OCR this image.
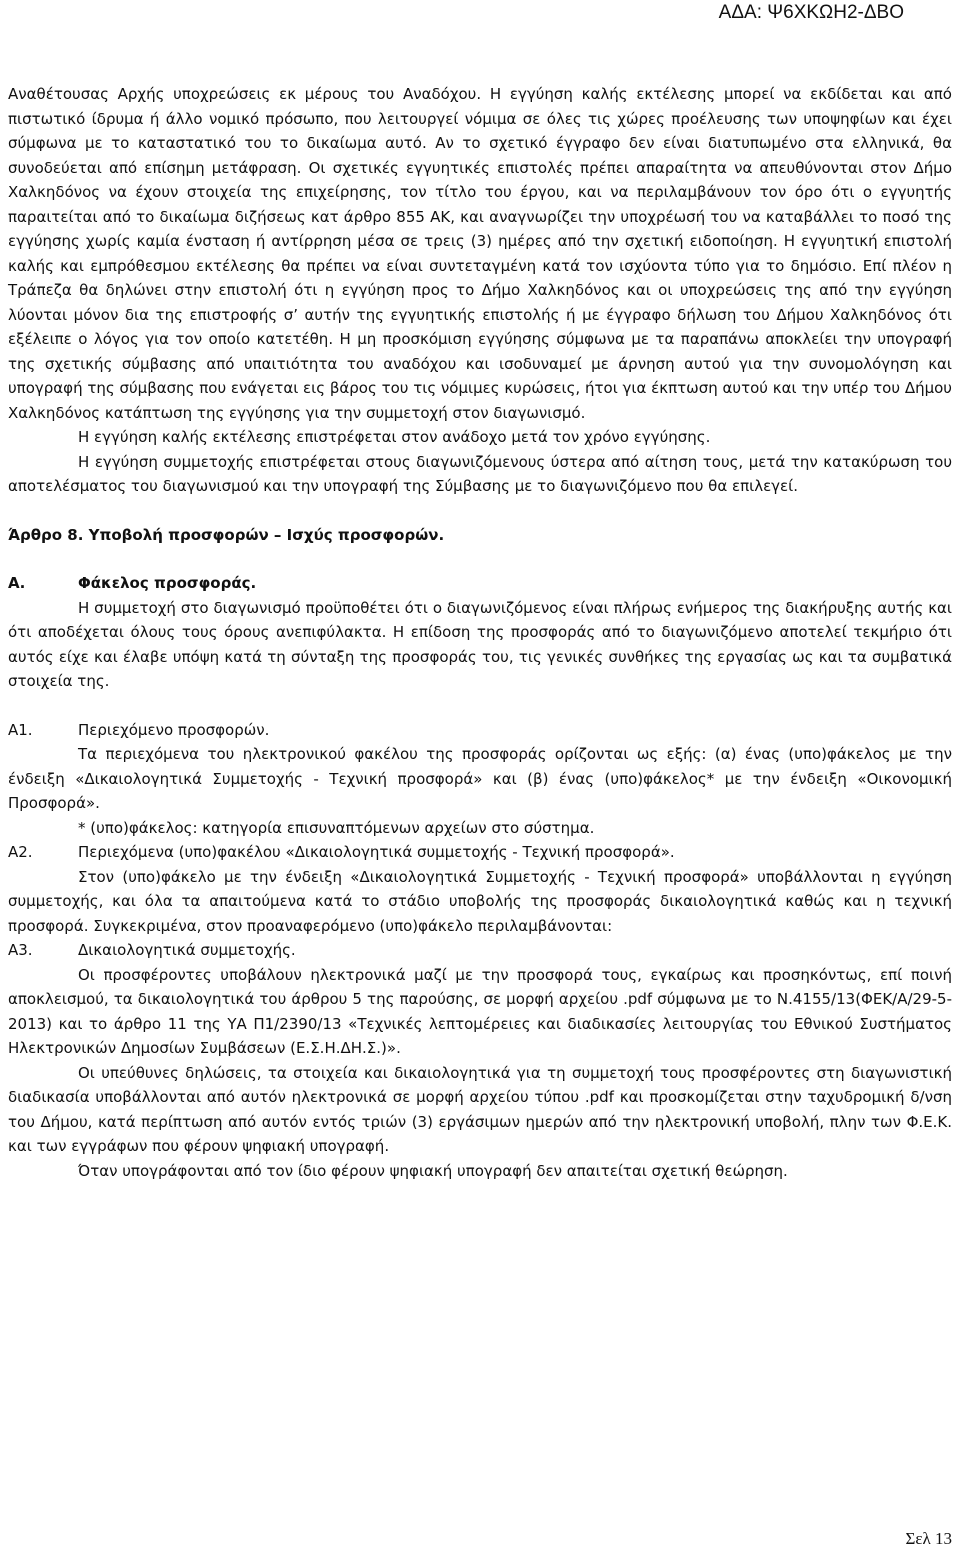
ΑΔΑ: Ψ6ΧΚΩΗ2-ΔΒΟ

Αναθέτουσας Αρχής υποχρεώσεις εκ μέρους του Αναδόχου. Η εγγύηση καλής εκτέλεσης μπορεί να εκδίδεται και από πιστωτικό ίδρυμα ή άλλο νομικό πρόσωπο, που λειτουργεί νόμιμα σε όλες τις χώρες προέλευσης των υποψηφίων και έχει σύμφωνα με το καταστατικό του το δικαίωμα αυτό. Αν το σχετικό έγγραφο δεν είναι διατυπωμένο στα ελληνικά, θα συνοδεύεται από επίσημη μετάφραση. Οι σχετικές εγγυητικές επιστολές πρέπει απαραίτητα να απευθύνονται στον Δήμο Χαλκηδόνος να έχουν στοιχεία της επιχείρησης, τον τίτλο του έργου, και να περιλαμβάνουν τον όρο ότι ο εγγυητής παραιτείται από το δικαίωμα διζήσεως κατ άρθρο 855 ΑΚ, και αναγνωρίζει την υποχρέωσή του να καταβάλλει το ποσό της εγγύησης χωρίς καμία ένσταση ή αντίρρηση μέσα σε τρεις (3) ημέρες από την σχετική ειδοποίηση. Η εγγυητική επιστολή καλής και εμπρόθεσμου εκτέλεσης θα πρέπει να είναι συντεταγμένη κατά τον ισχύοντα τύπο για το δημόσιο. Επί πλέον η Τράπεζα θα δηλώνει στην επιστολή ότι η εγγύηση προς το Δήμο Χαλκηδόνος και οι υποχρεώσεις της από την εγγύηση λύονται μόνον δια της επιστροφής σ’ αυτήν της εγγυητικής επιστολής ή με έγγραφο δήλωση του Δήμου Χαλκηδόνος ότι εξέλειπε ο λόγος για τον οποίο κατετέθη. Η μη προσκόμιση εγγύησης σύμφωνα με τα παραπάνω αποκλείει την υπογραφή της σχετικής σύμβασης από υπαιτιότητα του αναδόχου και ισοδυναμεί με άρνηση αυτού για την συνομολόγηση και υπογραφή της σύμβασης που ενάγεται εις βάρος του τις νόμιμες κυρώσεις, ήτοι για έκπτωση αυτού και την υπέρ του Δήμου Χαλκηδόνος κατάπτωση της εγγύησης για την συμμετοχή στον διαγωνισμό.

Η εγγύηση καλής εκτέλεσης επιστρέφεται στον ανάδοχο μετά τον χρόνο εγγύησης.

Η εγγύηση συμμετοχής επιστρέφεται στους διαγωνιζόμενους ύστερα από αίτηση τους, μετά την κατακύρωση του αποτελέσματος του διαγωνισμού και την υπογραφή της Σύμβασης με το διαγωνιζόμενο που θα επιλεγεί.

Άρθρο 8. Υποβολή προσφορών – Ισχύς προσφορών.

Α.	Φάκελος προσφοράς.

Η συμμετοχή στο διαγωνισμό προϋποθέτει ότι ο διαγωνιζόμενος είναι πλήρως ενήμερος της διακήρυξης αυτής και ότι αποδέχεται όλους τους όρους ανεπιφύλακτα. Η επίδοση της προσφοράς από το διαγωνιζόμενο αποτελεί τεκμήριο ότι αυτός είχε και έλαβε υπόψη κατά τη σύνταξη της προσφοράς του, τις γενικές συνθήκες της εργασίας ως και τα συμβατικά στοιχεία της.

Α1.	Περιεχόμενο προσφορών.

Τα περιεχόμενα του ηλεκτρονικού φακέλου της προσφοράς ορίζονται ως εξής: (α) ένας (υπο)φάκελος με την ένδειξη «Δικαιολογητικά Συμμετοχής - Τεχνική προσφορά» και (β) ένας (υπο)φάκελος* με την ένδειξη «Οικονομική Προσφορά».

* (υπο)φάκελος: κατηγορία επισυναπτόμενων αρχείων στο σύστημα.

Α2.	Περιεχόμενα (υπο)φακέλου «Δικαιολογητικά συμμετοχής - Τεχνική προσφορά».

Στον (υπο)φάκελο με την ένδειξη «Δικαιολογητικά Συμμετοχής - Τεχνική προσφορά» υποβάλλονται η εγγύηση συμμετοχής, και όλα τα απαιτούμενα κατά το στάδιο υποβολής της προσφοράς δικαιολογητικά καθώς και η τεχνική προσφορά. Συγκεκριμένα, στον προαναφερόμενο (υπο)φάκελο περιλαμβάνονται:

Α3.	Δικαιολογητικά συμμετοχής.

Οι προσφέροντες υποβάλουν ηλεκτρονικά μαζί με την προσφορά τους, εγκαίρως και προσηκόντως, επί ποινή αποκλεισμού, τα δικαιολογητικά του άρθρου 5 της παρούσης, σε μορφή αρχείου .pdf σύμφωνα με το Ν.4155/13(ΦΕΚ/Α/29-5-2013) και το άρθρο 11 της ΥΑ Π1/2390/13 «Τεχνικές λεπτομέρειες και διαδικασίες λειτουργίας του Εθνικού Συστήματος Ηλεκτρονικών Δημοσίων Συμβάσεων (Ε.Σ.Η.ΔΗ.Σ.)».

Οι υπεύθυνες δηλώσεις, τα στοιχεία και δικαιολογητικά για τη συμμετοχή τους προσφέροντες στη διαγωνιστική διαδικασία υποβάλλονται από αυτόν ηλεκτρονικά σε μορφή αρχείου τύπου .pdf και προσκομίζεται στην ταχυδρομική δ/νση του Δήμου, κατά περίπτωση από αυτόν εντός τριών (3) εργάσιμων ημερών από την ηλεκτρονική υποβολή, πλην των Φ.Ε.Κ. και των εγγράφων που φέρουν ψηφιακή υπογραφή.

Όταν υπογράφονται από τον ίδιο φέρουν ψηφιακή υπογραφή δεν απαιτείται σχετική θεώρηση.

Σελ 13
